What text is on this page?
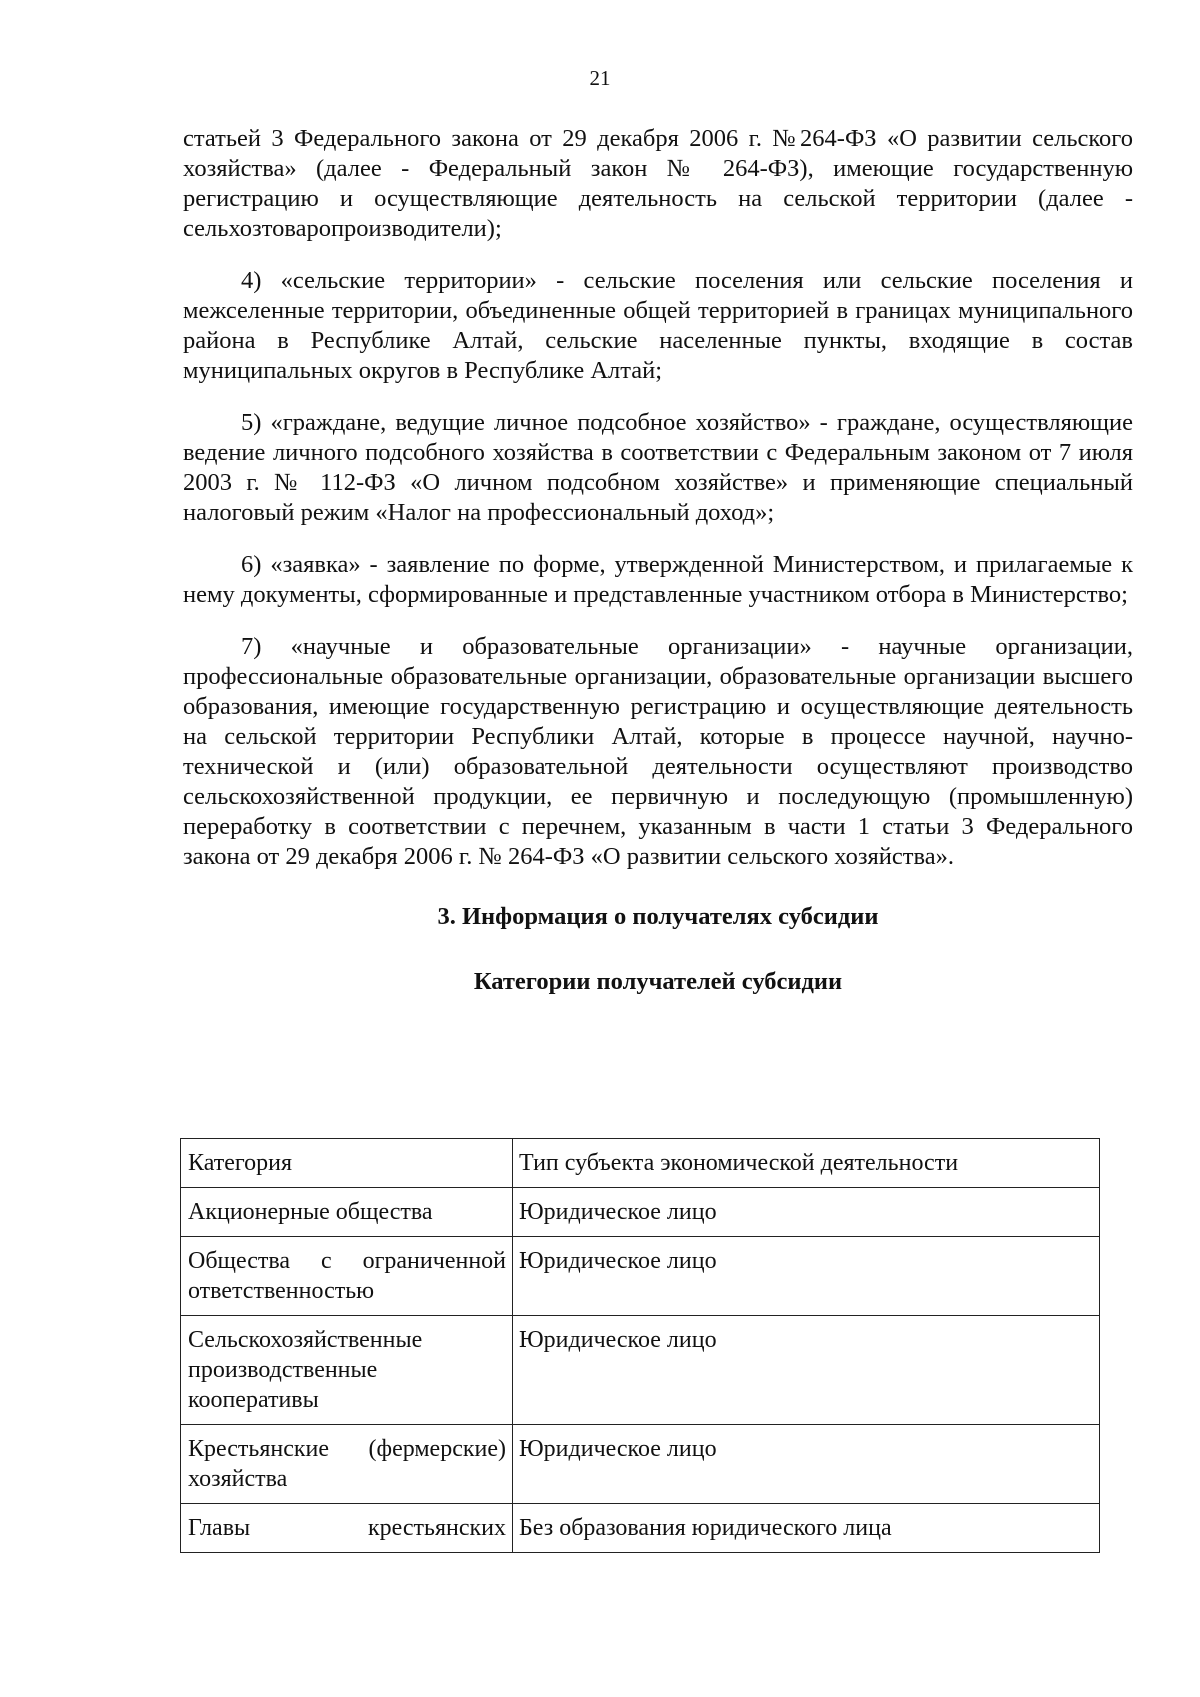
21

статьей 3 Федерального закона от 29 декабря 2006 г. №264-ФЗ «О развитии сельского хозяйства» (далее - Федеральный закон № 264-ФЗ), имеющие государственную регистрацию и осуществляющие деятельность на сельской территории (далее - сельхозтоваропроизводители);

4) «сельские территории» - сельские поселения или сельские поселения и межселенные территории, объединенные общей территорией в границах муниципального района в Республике Алтай, сельские населенные пункты, входящие в состав муниципальных округов в Республике Алтай;

5) «граждане, ведущие личное подсобное хозяйство» - граждане, осуществляющие ведение личного подсобного хозяйства в соответствии с Федеральным законом от 7 июля 2003 г. № 112-ФЗ «О личном подсобном хозяйстве» и применяющие специальный налоговый режим «Налог на профессиональный доход»;

6) «заявка» - заявление по форме, утвержденной Министерством, и прилагаемые к нему документы, сформированные и представленные участником отбора в Министерство;

7) «научные и образовательные организации» - научные организации, профессиональные образовательные организации, образовательные организации высшего образования, имеющие государственную регистрацию и осуществляющие деятельность на сельской территории Республики Алтай, которые в процессе научной, научно-технической и (или) образовательной деятельности осуществляют производство сельскохозяйственной продукции, ее первичную и последующую (промышленную) переработку в соответствии с перечнем, указанным в части 1 статьи 3 Федерального закона от 29 декабря 2006 г. № 264-ФЗ «О развитии сельского хозяйства».

3. Информация о получателях субсидии
Категории получателей субсидии
Категория	Тип субъекта экономической деятельности
Акционерные общества	Юридическое лицо
Общества с ограниченной ответственностью	Юридическое лицо
Сельскохозяйственные производственные кооперативы	Юридическое лицо
Крестьянские (фермерские) хозяйства	Юридическое лицо
Главы крестьянских	Без образования юридического лица
